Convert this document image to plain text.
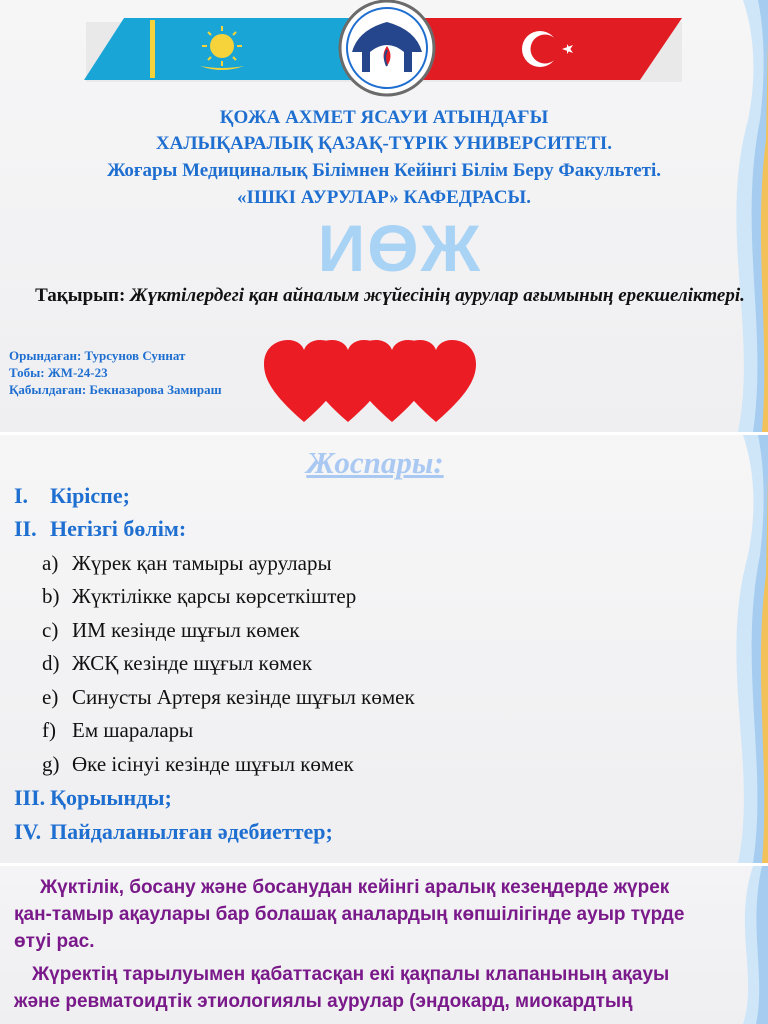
ҚОЖА АХМЕТ ЯСАУИ АТЫНДАҒЫ
ХАЛЫҚАРАЛЫҚ ҚАЗАҚ-ТҮРІК УНИВЕРСИТЕТІ.
Жоғары Медициналық Білімнен Кейінгі Білім Беру Факультеті.
«ІШКІ АУРУЛАР» КАФЕДРАСЫ.
ИӨЖ
Тақырып: Жүктілердегі қан айналым жүйесінің аурулар ағымының ерекшеліктері.
Орындаған: Турсунов Суннат
Тобы: ЖМ-24-23
Қабылдаған: Бекназарова Замираш
Жоспары:
I. Кіріспе;
II. Негізгі бөлім:
a) Жүрек қан тамыры аурулары
b) Жүктілікке қарсы көрсеткіштер
c) ИМ кезінде шұғыл көмек
d) ЖСҚ кезінде шұғыл көмек
e) Синусты Артеря кезінде шұғыл көмек
f) Ем шаралары
g) Өке ісінуі кезінде шұғыл көмек
III. Қорыынды;
IV. Пайдаланылған әдебиеттер;
Жүктілік, босану және босанудан кейінгі аралық кезеңдерде жүрек
қан-тамыр ақаулары бар болашақ аналардың көпшілігінде ауыр түрде
өтуі рас.
Жүректің тарылуымен қабаттасқан екі қақпалы клапанының ақауы
және ревматоидтік этиологиялы аурулар (эндокард, миокардтың
